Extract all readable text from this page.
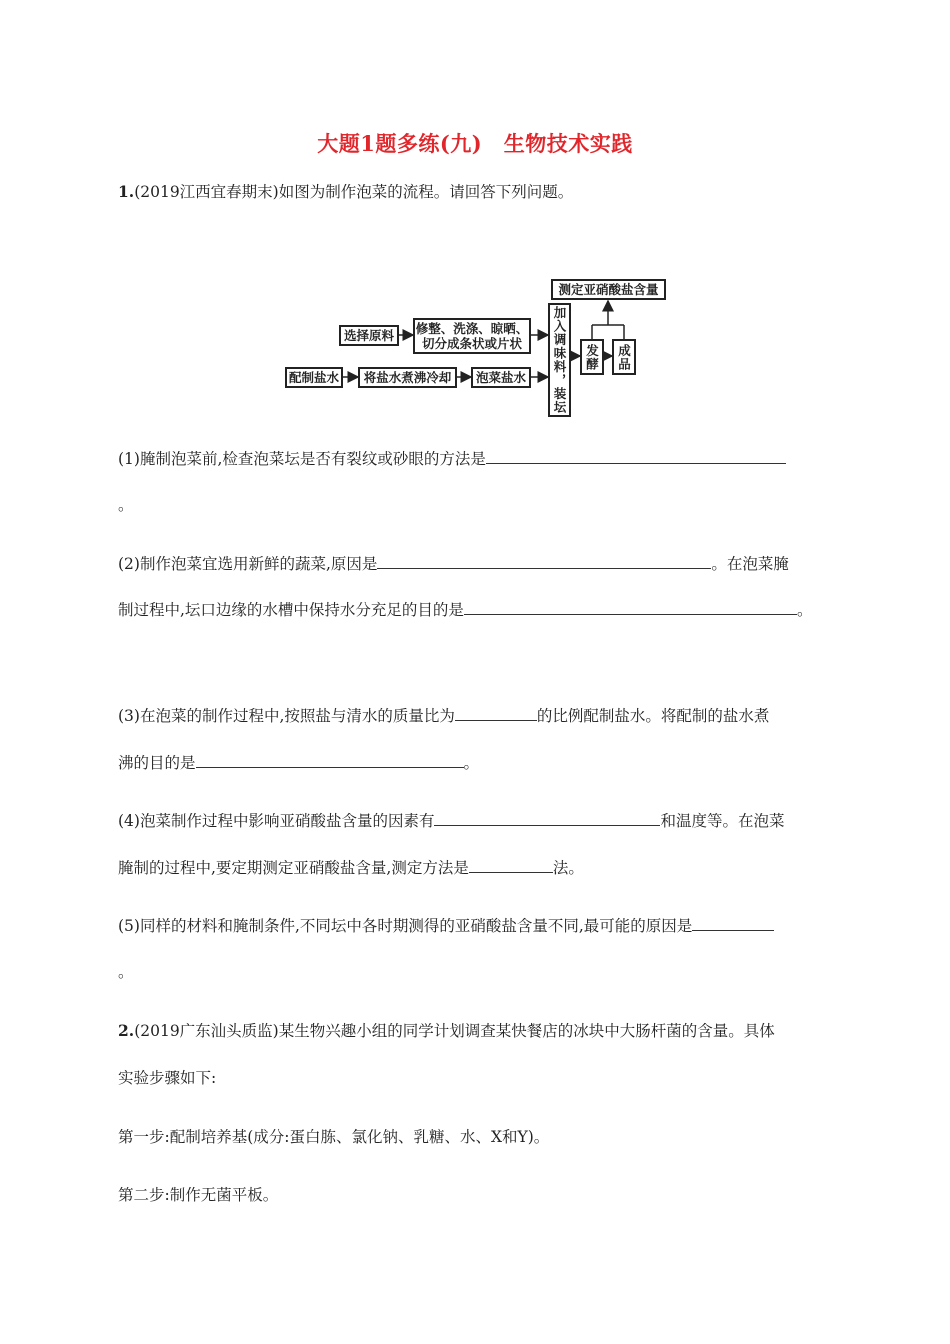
大题1题多练(九)　生物技术实践
1.(2019江西宜春期末)如图为制作泡菜的流程。请回答下列问题。
选择原料	修整、洗涤、晾晒、切分成条状或片状
配制盐水	将盐水煮沸冷却	泡菜盐水	加入调味料，装坛	发酵	成品
测定亚硝酸盐含量
(1)腌制泡菜前,检查泡菜坛是否有裂纹或砂眼的方法是
。
(2)制作泡菜宜选用新鲜的蔬菜,原因是	。在泡菜腌
制过程中,坛口边缘的水槽中保持水分充足的目的是	。
(3)在泡菜的制作过程中,按照盐与清水的质量比为	的比例配制盐水。将配制的盐水煮
沸的目的是	。
(4)泡菜制作过程中影响亚硝酸盐含量的因素有	和温度等。在泡菜
腌制的过程中,要定期测定亚硝酸盐含量,测定方法是	法。
(5)同样的材料和腌制条件,不同坛中各时期测得的亚硝酸盐含量不同,最可能的原因是
。
2.(2019广东汕头质监)某生物兴趣小组的同学计划调查某快餐店的冰块中大肠杆菌的含量。具体
实验步骤如下:
第一步:配制培养基(成分:蛋白胨、氯化钠、乳糖、水、X和Y)。
第二步:制作无菌平板。
